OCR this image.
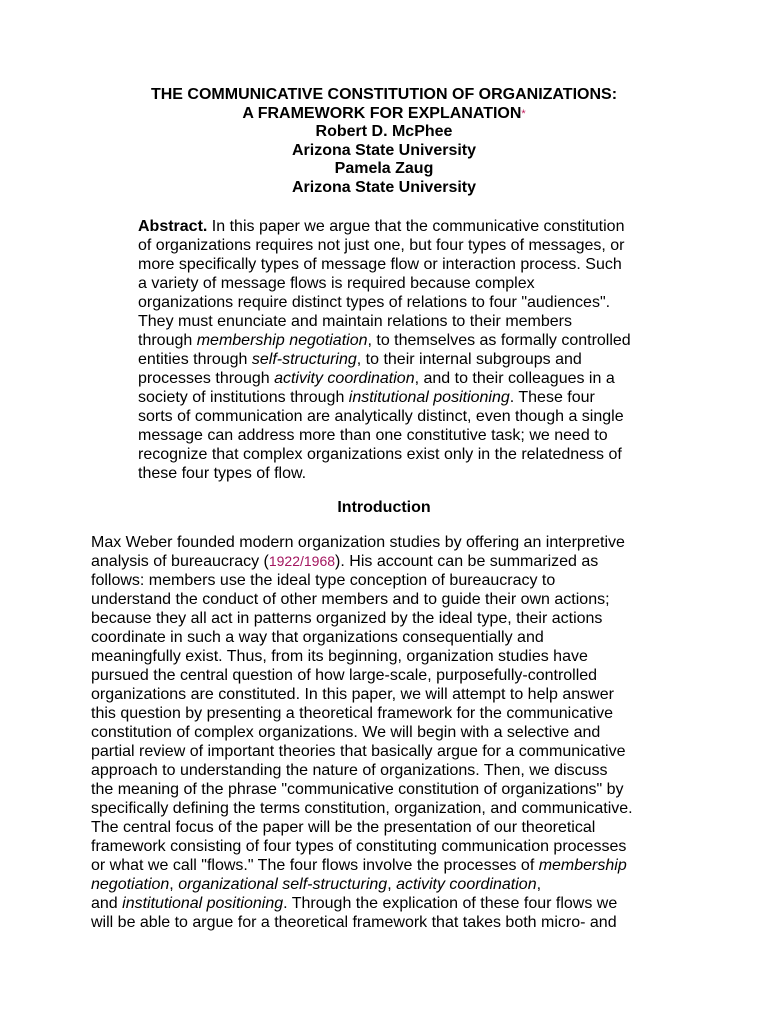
THE COMMUNICATIVE CONSTITUTION OF ORGANIZATIONS:
A FRAMEWORK FOR EXPLANATION*
Robert D. McPhee
Arizona State University
Pamela Zaug
Arizona State University
Abstract. In this paper we argue that the communicative constitution
of organizations requires not just one, but four types of messages, or
more specifically types of message flow or interaction process. Such
a variety of message flows is required because complex
organizations require distinct types of relations to four "audiences".
They must enunciate and maintain relations to their members
through membership negotiation, to themselves as formally controlled
entities through self-structuring, to their internal subgroups and
processes through activity coordination, and to their colleagues in a
society of institutions through institutional positioning. These four
sorts of communication are analytically distinct, even though a single
message can address more than one constitutive task; we need to
recognize that complex organizations exist only in the relatedness of
these four types of flow.
Introduction
Max Weber founded modern organization studies by offering an interpretive
analysis of bureaucracy (1922/1968). His account can be summarized as
follows: members use the ideal type conception of bureaucracy to
understand the conduct of other members and to guide their own actions;
because they all act in patterns organized by the ideal type, their actions
coordinate in such a way that organizations consequentially and
meaningfully exist. Thus, from its beginning, organization studies have
pursued the central question of how large-scale, purposefully-controlled
organizations are constituted. In this paper, we will attempt to help answer
this question by presenting a theoretical framework for the communicative
constitution of complex organizations. We will begin with a selective and
partial review of important theories that basically argue for a communicative
approach to understanding the nature of organizations. Then, we discuss
the meaning of the phrase "communicative constitution of organizations" by
specifically defining the terms constitution, organization, and communicative.
The central focus of the paper will be the presentation of our theoretical
framework consisting of four types of constituting communication processes
or what we call "flows." The four flows involve the processes of membership
negotiation, organizational self-structuring, activity coordination,
and institutional positioning. Through the explication of these four flows we
will be able to argue for a theoretical framework that takes both micro- and
